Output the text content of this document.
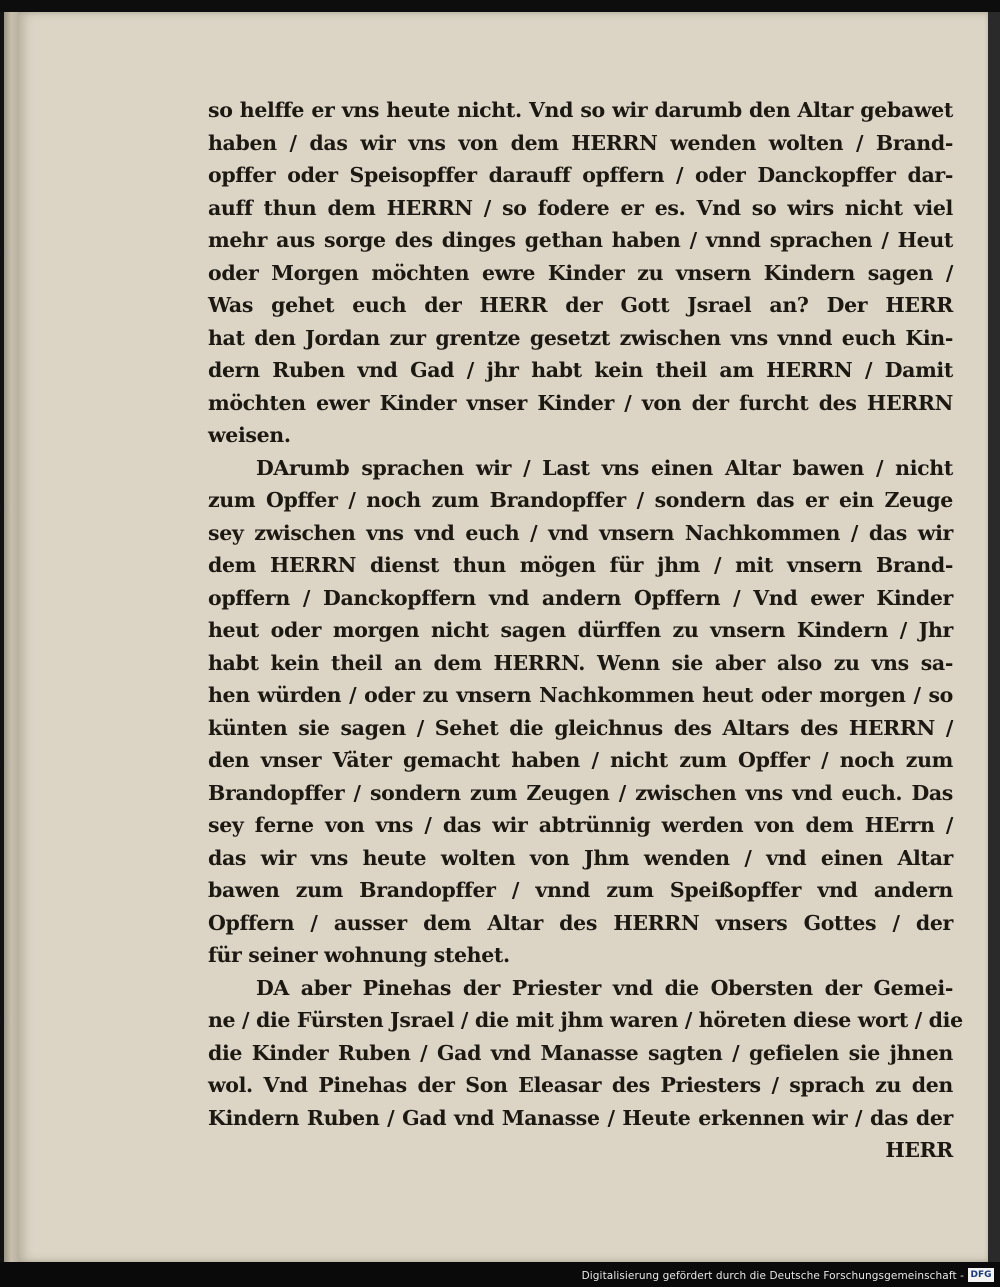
so helffe er vns heute nicht. Vnd so wir darumb den Altar gebawet
haben / das wir vns von dem HERRN wenden wolten / Brand-
opffer oder Speisopffer darauff opffern / oder Danckopffer dar-
auff thun dem HERRN / so fodere er es. Vnd so wirs nicht viel
mehr aus sorge des dinges gethan haben / vnnd sprachen / Heut
oder Morgen möchten ewre Kinder zu vnsern Kindern sagen /
Was gehet euch der HERR der Gott Jsrael an? Der HERR
hat den Jordan zur grentze gesetzt zwischen vns vnnd euch Kin-
dern Ruben vnd Gad / jhr habt kein theil am HERRN / Damit
möchten ewer Kinder vnser Kinder / von der furcht des HERRN
weisen.
DArumb sprachen wir / Last vns einen Altar bawen / nicht
zum Opffer / noch zum Brandopffer / sondern das er ein Zeuge
sey zwischen vns vnd euch / vnd vnsern Nachkommen / das wir
dem HERRN dienst thun mögen für jhm / mit vnsern Brand-
opffern / Danckopffern vnd andern Opffern / Vnd ewer Kinder
heut oder morgen nicht sagen dürffen zu vnsern Kindern / Jhr
habt kein theil an dem HERRN. Wenn sie aber also zu vns sa-
hen würden / oder zu vnsern Nachkommen heut oder morgen / so
künten sie sagen / Sehet die gleichnus des Altars des HERRN /
den vnser Väter gemacht haben / nicht zum Opffer / noch zum
Brandopffer / sondern zum Zeugen / zwischen vns vnd euch. Das
sey ferne von vns / das wir abtrünnig werden von dem HErrn /
das wir vns heute wolten von Jhm wenden / vnd einen Altar
bawen zum Brandopffer / vnnd zum Speißopffer vnd andern
Opffern / ausser dem Altar des HERRN vnsers Gottes / der
für seiner wohnung stehet.
DA aber Pinehas der Priester vnd die Obersten der Gemei-
ne / die Fürsten Jsrael / die mit jhm waren / höreten diese wort / die
die Kinder Ruben / Gad vnd Manasse sagten / gefielen sie jhnen
wol. Vnd Pinehas der Son Eleasar des Priesters / sprach zu den
Kindern Ruben / Gad vnd Manasse / Heute erkennen wir / das der
HERR
Digitalisierung gefördert durch die Deutsche Forschungsgemeinschaft - DFG
